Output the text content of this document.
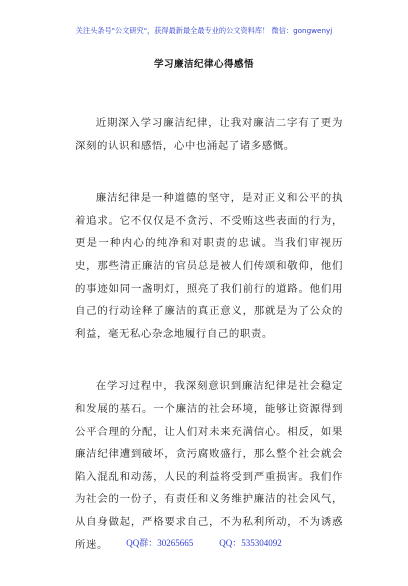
关注头条号"公文研究"，获得最新最全最专业的公文资料库！ 微信：gongwenyj
学习廉洁纪律心得感悟

近期深入学习廉洁纪律，让我对廉洁二字有了更为深刻的认识和感悟，心中也涌起了诸多感慨。

廉洁纪律是一种道德的坚守，是对正义和公平的执着追求。它不仅仅是不贪污、不受贿这些表面的行为，更是一种内心的纯净和对职责的忠诚。当我们审视历史，那些清正廉洁的官员总是被人们传颂和敬仰，他们的事迹如同一盏明灯，照亮了我们前行的道路。他们用自己的行动诠释了廉洁的真正意义，那就是为了公众的利益，毫无私心杂念地履行自己的职责。

在学习过程中，我深刻意识到廉洁纪律是社会稳定和发展的基石。一个廉洁的社会环境，能够让资源得到公平合理的分配，让人们对未来充满信心。相反，如果廉洁纪律遭到破坏，贪污腐败盛行，那么整个社会就会陷入混乱和动荡，人民的利益将受到严重损害。我们作为社会的一份子，有责任和义务维护廉洁的社会风气，从自身做起，严格要求自己，不为私利所动，不为诱惑所迷。	QQ群：30265665	QQ：535304092
